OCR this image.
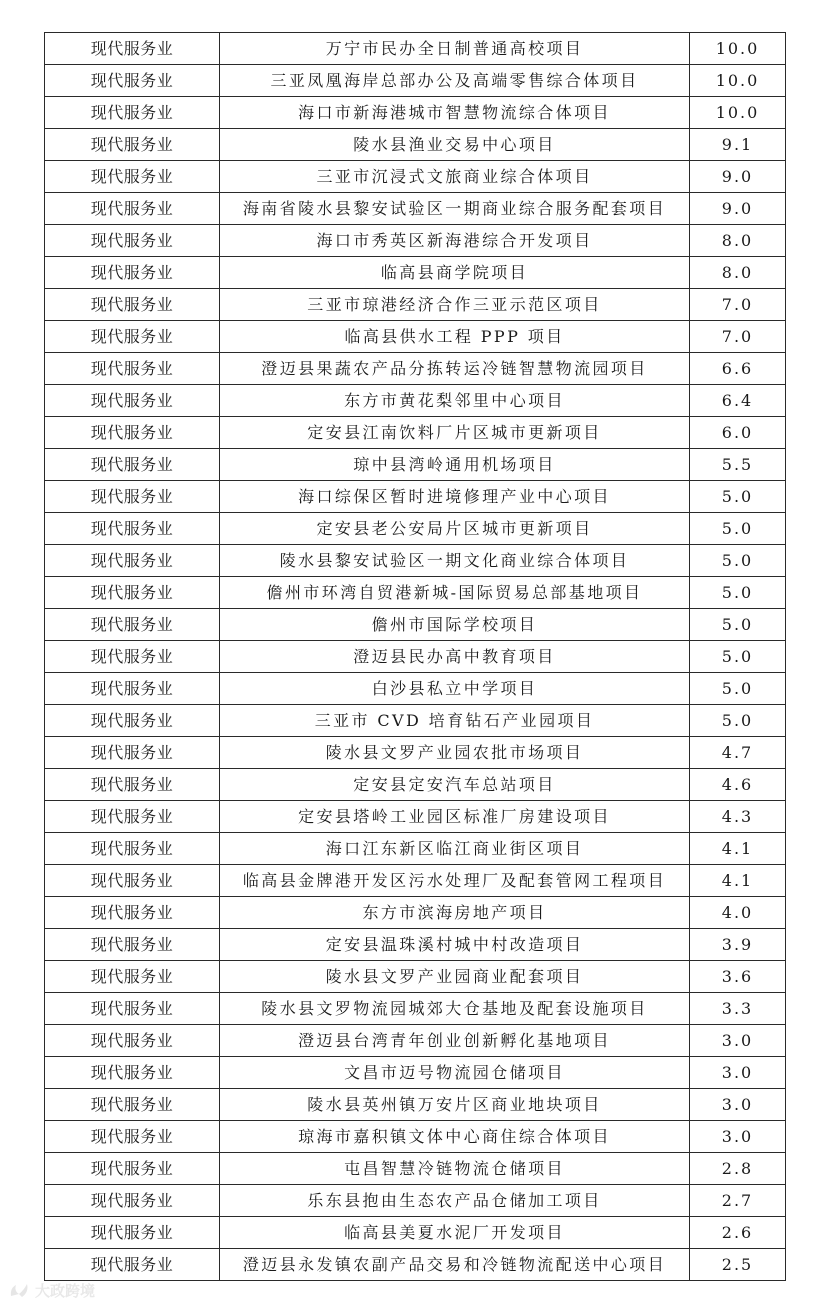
现代服务业	万宁市民办全日制普通高校项目	10.0
现代服务业	三亚凤凰海岸总部办公及高端零售综合体项目	10.0
现代服务业	海口市新海港城市智慧物流综合体项目	10.0
现代服务业	陵水县渔业交易中心项目	9.1
现代服务业	三亚市沉浸式文旅商业综合体项目	9.0
现代服务业	海南省陵水县黎安试验区一期商业综合服务配套项目	9.0
现代服务业	海口市秀英区新海港综合开发项目	8.0
现代服务业	临高县商学院项目	8.0
现代服务业	三亚市琼港经济合作三亚示范区项目	7.0
现代服务业	临高县供水工程 PPP 项目	7.0
现代服务业	澄迈县果蔬农产品分拣转运冷链智慧物流园项目	6.6
现代服务业	东方市黄花梨邻里中心项目	6.4
现代服务业	定安县江南饮料厂片区城市更新项目	6.0
现代服务业	琼中县湾岭通用机场项目	5.5
现代服务业	海口综保区暂时进境修理产业中心项目	5.0
现代服务业	定安县老公安局片区城市更新项目	5.0
现代服务业	陵水县黎安试验区一期文化商业综合体项目	5.0
现代服务业	儋州市环湾自贸港新城-国际贸易总部基地项目	5.0
现代服务业	儋州市国际学校项目	5.0
现代服务业	澄迈县民办高中教育项目	5.0
现代服务业	白沙县私立中学项目	5.0
现代服务业	三亚市 CVD 培育钻石产业园项目	5.0
现代服务业	陵水县文罗产业园农批市场项目	4.7
现代服务业	定安县定安汽车总站项目	4.6
现代服务业	定安县塔岭工业园区标准厂房建设项目	4.3
现代服务业	海口江东新区临江商业街区项目	4.1
现代服务业	临高县金牌港开发区污水处理厂及配套管网工程项目	4.1
现代服务业	东方市滨海房地产项目	4.0
现代服务业	定安县温珠溪村城中村改造项目	3.9
现代服务业	陵水县文罗产业园商业配套项目	3.6
现代服务业	陵水县文罗物流园城郊大仓基地及配套设施项目	3.3
现代服务业	澄迈县台湾青年创业创新孵化基地项目	3.0
现代服务业	文昌市迈号物流园仓储项目	3.0
现代服务业	陵水县英州镇万安片区商业地块项目	3.0
现代服务业	琼海市嘉积镇文体中心商住综合体项目	3.0
现代服务业	屯昌智慧冷链物流仓储项目	2.8
现代服务业	乐东县抱由生态农产品仓储加工项目	2.7
现代服务业	临高县美夏水泥厂开发项目	2.6
现代服务业	澄迈县永发镇农副产品交易和冷链物流配送中心项目	2.5
大政跨境
